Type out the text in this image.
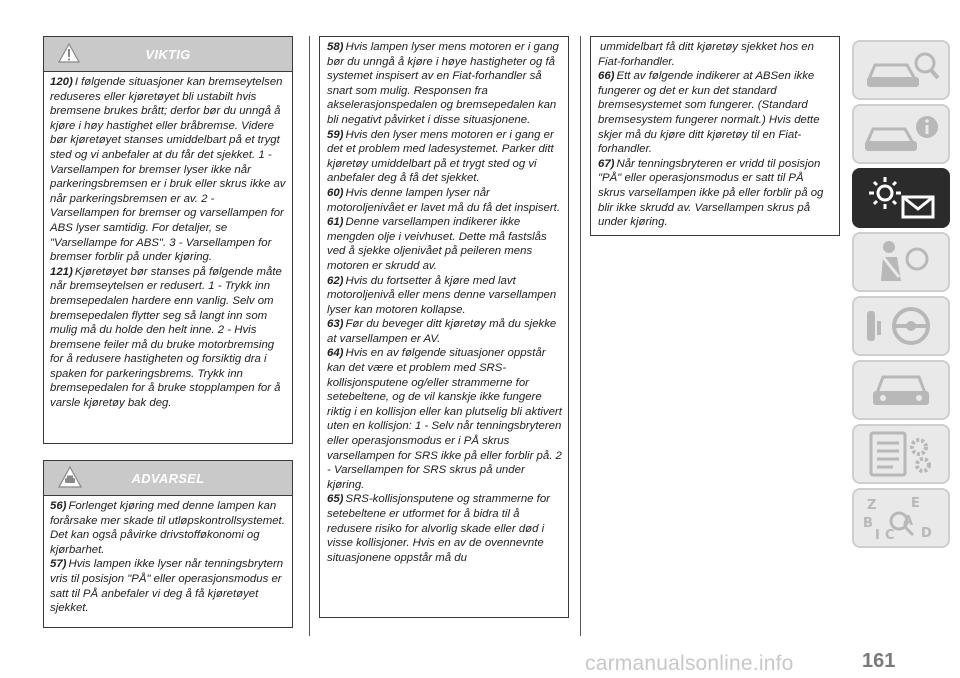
VIKTIG

120) I følgende situasjoner kan bremseytelsen reduseres eller kjøretøyet bli ustabilt hvis bremsene brukes brått; derfor bør du unngå å kjøre i høy hastighet eller bråbremse. Videre bør kjøretøyet stanses umiddelbart på et trygt sted og vi anbefaler at du får det sjekket. 1 - Varsellampen for bremser lyser ikke når parkeringsbremsen er i bruk eller skrus ikke av når parkeringsbremsen er av. 2 - Varsellampen for bremser og varsellampen for ABS lyser samtidig. For detaljer, se "Varsellampe for ABS". 3 - Varsellampen for bremser forblir på under kjøring.

121) Kjøretøyet bør stanses på følgende måte når bremseytelsen er redusert. 1 - Trykk inn bremsepedalen hardere enn vanlig. Selv om bremsepedalen flytter seg så langt inn som mulig må du holde den helt inne. 2 - Hvis bremsene feiler må du bruke motorbremsing for å redusere hastigheten og forsiktig dra i spaken for parkeringsbrems. Trykk inn bremsepedalen for å bruke stopplampen for å varsle kjøretøy bak deg.

ADVARSEL

56) Forlenget kjøring med denne lampen kan forårsake mer skade til utløpskontrollsystemet. Det kan også påvirke drivstofføkonomi og kjørbarhet.

57) Hvis lampen ikke lyser når tenningsbrytern vris til posisjon "PÅ" eller operasjonsmodus er satt til PÅ anbefaler vi deg å få kjøretøyet sjekket.

58) Hvis lampen lyser mens motoren er i gang bør du unngå å kjøre i høye hastigheter og få systemet inspisert av en Fiat-forhandler så snart som mulig. Responsen fra akselerasjonspedalen og bremsepedalen kan bli negativt påvirket i disse situasjonene.

59) Hvis den lyser mens motoren er i gang er det et problem med ladesystemet. Parker ditt kjøretøy umiddelbart på et trygt sted og vi anbefaler deg å få det sjekket.

60) Hvis denne lampen lyser når motoroljenivået er lavet må du få det inspisert.

61) Denne varsellampen indikerer ikke mengden olje i veivhuset. Dette må fastslås ved å sjekke oljenivået på peileren mens motoren er skrudd av.

62) Hvis du fortsetter å kjøre med lavt motoroljenivå eller mens denne varsellampen lyser kan motoren kollapse.

63) Før du beveger ditt kjøretøy må du sjekke at varsellampen er AV.

64) Hvis en av følgende situasjoner oppstår kan det være et problem med SRS-kollisjonsputene og/eller strammerne for setebeltene, og de vil kanskje ikke fungere riktig i en kollisjon eller kan plutselig bli aktivert uten en kollisjon: 1 - Selv når tenningsbryteren eller operasjonsmodus er i PÅ skrus varsellampen for SRS ikke på eller forblir på. 2 - Varsellampen for SRS skrus på under kjøring.

65) SRS-kollisjonsputene og strammerne for setebeltene er utformet for å bidra til å redusere risiko for alvorlig skade eller død i visse kollisjoner. Hvis en av de ovennevnte situasjonene oppstår må du

ummidelbart få ditt kjøretøy sjekket hos en Fiat-forhandler.

66) Ett av følgende indikerer at ABSen ikke fungerer og det er kun det standard bremsesystemet som fungerer. (Standard bremsesystem fungerer normalt.) Hvis dette skjer må du kjøre ditt kjøretøy til en Fiat-forhandler.

67) Når tenningsbryteren er vridd til posisjon "PÅ" eller operasjonsmodus er satt til PÅ skrus varsellampen ikke på eller forblir på og blir ikke skrudd av. Varsellampen skrus på under kjøring.

Z	E
B A
I C D
carmanualsonline.info	161
